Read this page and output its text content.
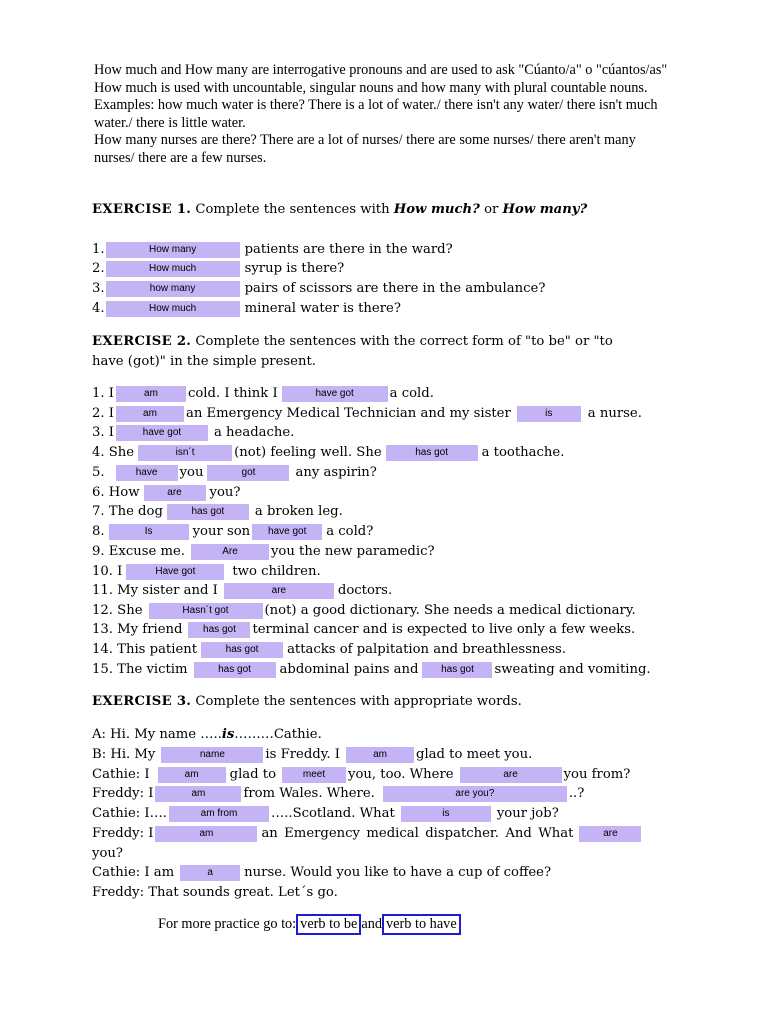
How much and How many are interrogative pronouns and are used to ask "Cúanto/a" o "cúantos/as"

How much is used with uncountable, singular nouns and how many with plural countable nouns.

Examples: how much water is there? There is a lot of water./ there isn't any water/ there isn't much

water./ there is little water.

How many nurses are there? There are a lot of nurses/ there are some nurses/ there aren't many

nurses/ there are a few nurses.

EXERCISE 1. Complete the sentences with How much? or How many?
1.	How many	patients are there in the ward?
2.	How much	syrup is there?
3.	how many	pairs of scissors are there in the ambulance?
4.	How much	mineral water is there?
EXERCISE 2. Complete the sentences with the correct form of "to be" or "to
have (got)" in the simple present.
1. I	am cold. I think I	have got	a cold.
2. I	am an Emergency Medical Technician and my sister	is	a nurse.
3. I	have got a headache.
4. She	isn´t	(not) feeling well. She	has got	a toothache.
5.	have you	got	any aspirin?
6. How	are you?
7. The dog	has got a broken leg.
8.	Is	your son have got a cold?
9. Excuse me.	Are	you the new paramedic?
10. I	Have got	two children.
11. My sister and I	are	doctors.
12. She	Hasn´t got	(not) a good dictionary. She needs a medical dictionary.
13. My friend has got terminal cancer and is expected to live only a few weeks.
14. This patient	has got attacks of palpitation and breathlessness.
15. The victim	has got abdominal pains and has got sweating and vomiting.
EXERCISE 3. Complete the sentences with appropriate words.
A: Hi. My name …..is………Cathie.
B: Hi. My	name	is Freddy. I	am glad to meet you.
Cathie: I	am glad to	meet you, too. Where	are	you from?
Freddy: I	am	from Wales. Where.	are you?	..?
Cathie: I….	am from	…..Scotland. What	is	your job?
Freddy: I	am	an Emergency medical dispatcher. And What	are
you?
Cathie: I am	a nurse. Would you like to have a cup of coffee?
Freddy: That sounds great. Let´s go.
For more practice go to: verb to be and verb to have
